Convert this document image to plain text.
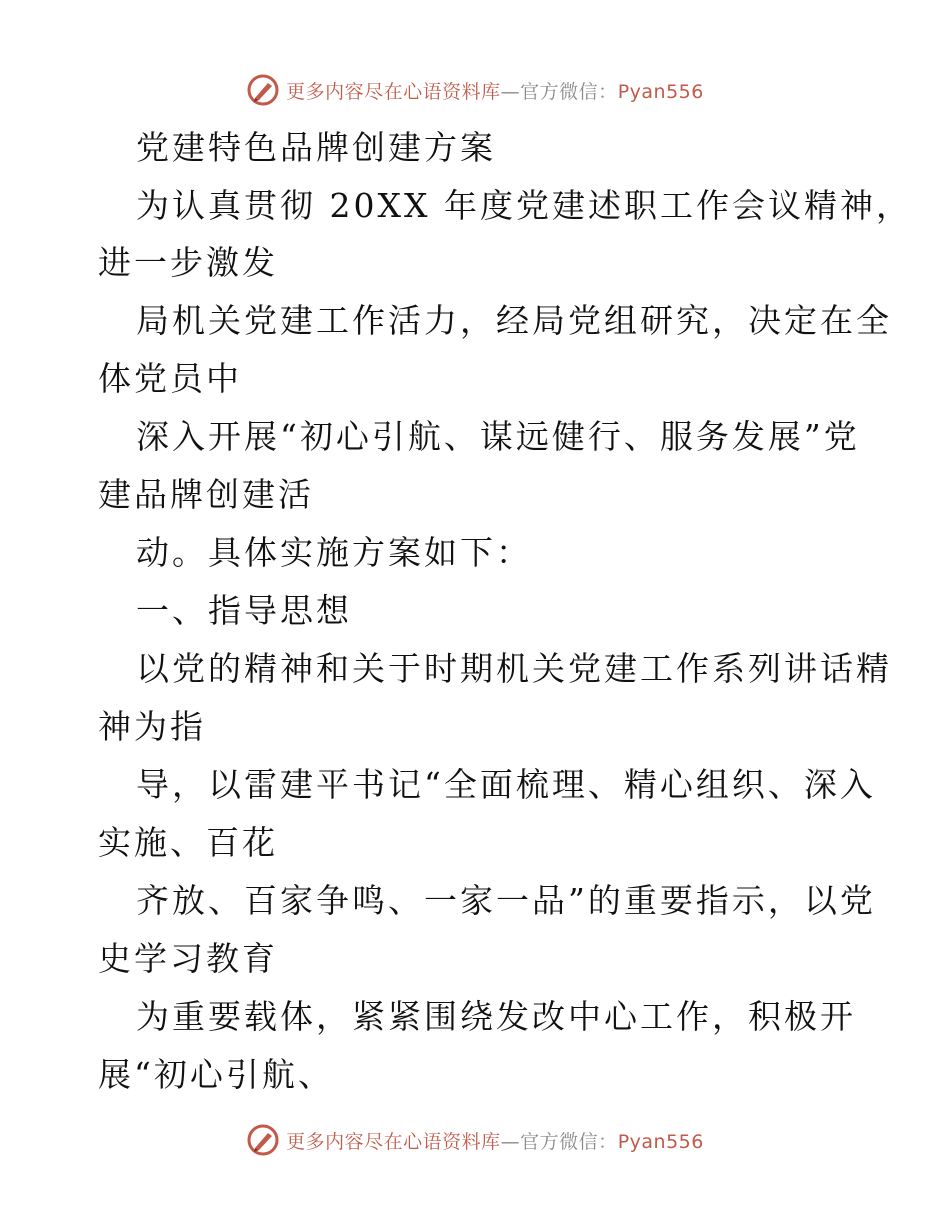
更多内容尽在心语资料库—官方微信：Pyan556
党建特色品牌创建方案
为认真贯彻 20XX 年度党建述职工作会议精神，
进一步激发
局机关党建工作活力，经局党组研究，决定在全
体党员中
深入开展“初心引航、谋远健行、服务发展”党
建品牌创建活
动。具体实施方案如下：
一、指导思想
以党的精神和关于时期机关党建工作系列讲话精
神为指
导，以雷建平书记“全面梳理、精心组织、深入
实施、百花
齐放、百家争鸣、一家一品”的重要指示，以党
史学习教育
为重要载体，紧紧围绕发改中心工作，积极开
展“初心引航、
更多内容尽在心语资料库—官方微信：Pyan556
